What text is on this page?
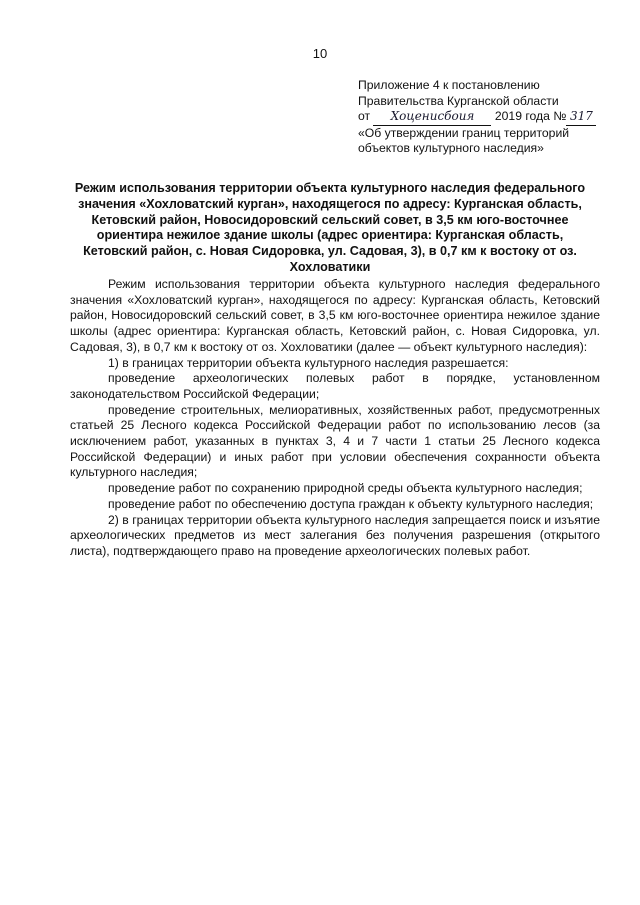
10
Приложение 4 к постановлению
Правительства Курганской области
от Хоценисбоия 2019 года № 317
«Об утверждении границ территорий
объектов культурного наследия»
Режим использования территории объекта культурного наследия федерального значения «Хохловатский курган», находящегося по адресу: Курганская область, Кетовский район, Новосидоровский сельский совет, в 3,5 км юго-восточнее ориентира нежилое здание школы (адрес ориентира: Курганская область, Кетовский район, с. Новая Сидоровка, ул. Садовая, 3), в 0,7 км к востоку от оз. Хохловатики

Режим использования территории объекта культурного наследия федерального значения «Хохловатский курган», находящегося по адресу: Курганская область, Кетовский район, Новосидоровский сельский совет, в 3,5 км юго-восточнее ориентира нежилое здание школы (адрес ориентира: Курганская область, Кетовский район, с. Новая Сидоровка, ул. Садовая, 3), в 0,7 км к востоку от оз. Хохловатики (далее — объект культурного наследия):

1) в границах территории объекта культурного наследия разрешается:

проведение археологических полевых работ в порядке, установленном законодательством Российской Федерации;

проведение строительных, мелиоративных, хозяйственных работ, предусмотренных статьей 25 Лесного кодекса Российской Федерации работ по использованию лесов (за исключением работ, указанных в пунктах 3, 4 и 7 части 1 статьи 25 Лесного кодекса Российской Федерации) и иных работ при условии обеспечения сохранности объекта культурного наследия;

проведение работ по сохранению природной среды объекта культурного наследия;

проведение работ по обеспечению доступа граждан к объекту культурного наследия;

2) в границах территории объекта культурного наследия запрещается поиск и изъятие археологических предметов из мест залегания без получения разрешения (открытого листа), подтверждающего право на проведение археологических полевых работ.
